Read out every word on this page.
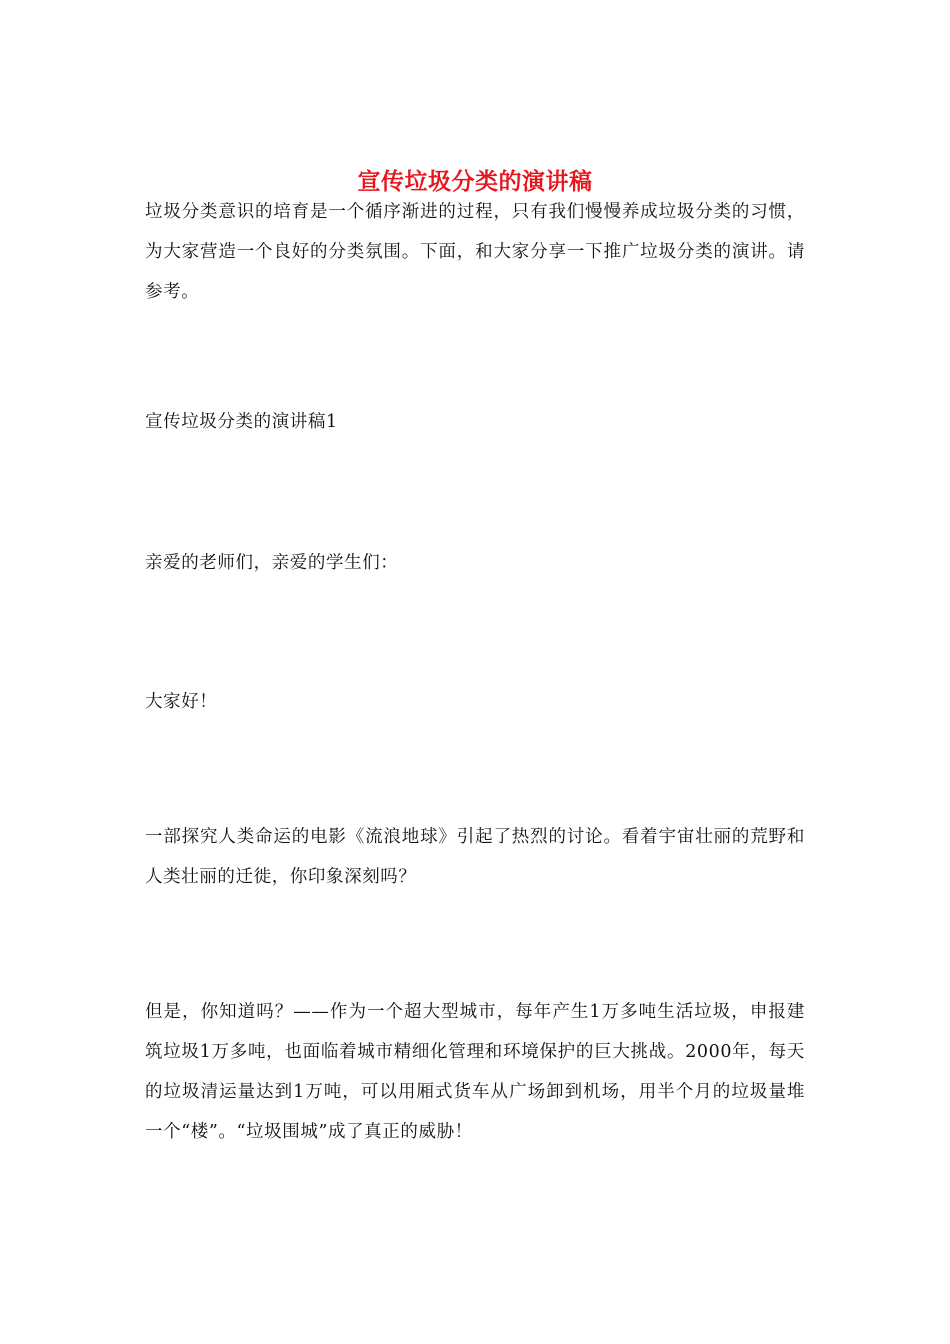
宣传垃圾分类的演讲稿

垃圾分类意识的培育是一个循序渐进的过程，只有我们慢慢养成垃圾分类的习惯，为大家营造一个良好的分类氛围。下面，和大家分享一下推广垃圾分类的演讲。请参考。

宣传垃圾分类的演讲稿1

亲爱的老师们，亲爱的学生们：

大家好！

一部探究人类命运的电影《流浪地球》引起了热烈的讨论。看着宇宙壮丽的荒野和人类壮丽的迁徙，你印象深刻吗？

但是，你知道吗？——作为一个超大型城市，每年产生1万多吨生活垃圾，申报建筑垃圾1万多吨，也面临着城市精细化管理和环境保护的巨大挑战。2000年，每天的垃圾清运量达到1万吨，可以用厢式货车从广场卸到机场，用半个月的垃圾量堆一个“楼”。“垃圾围城”成了真正的威胁！
